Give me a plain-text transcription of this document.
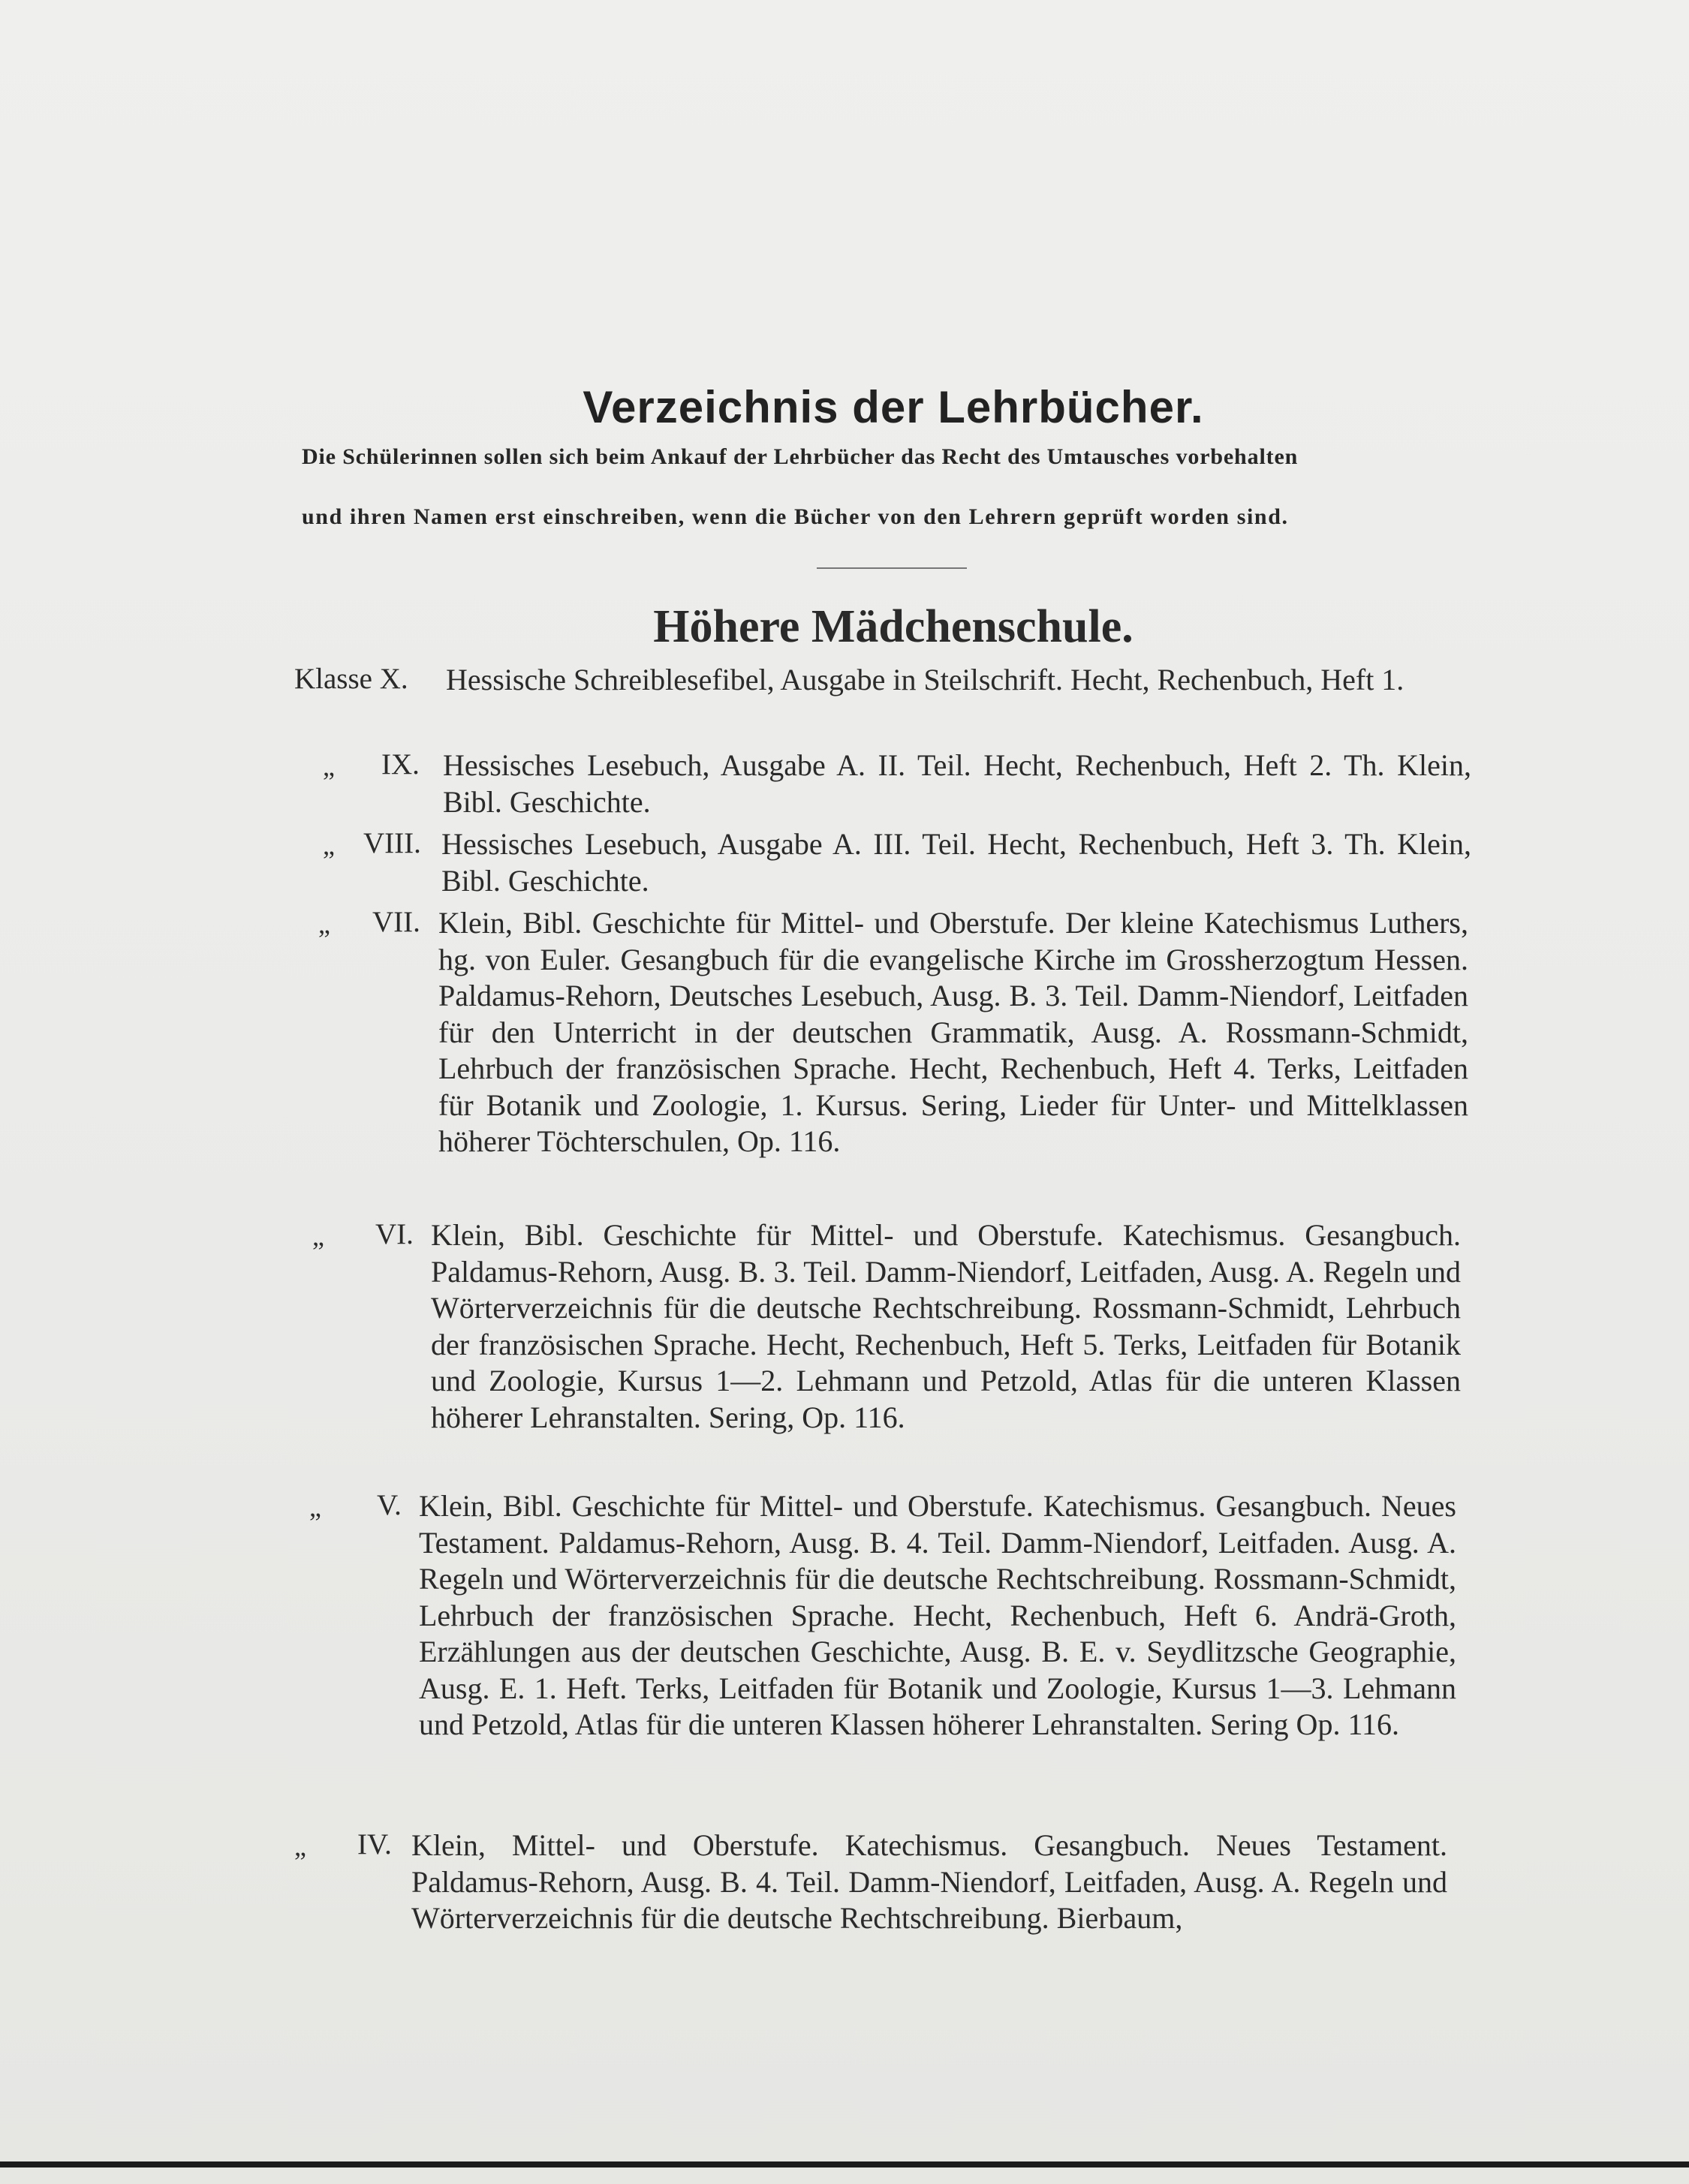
Verzeichnis der Lehrbücher.

Die Schülerinnen sollen sich beim Ankauf der Lehrbücher das Recht des Umtausches vorbehalten

und ihren Namen erst einschreiben, wenn die Bücher von den Lehrern geprüft worden sind.

Höhere Mädchenschule.
Klasse X. Hessische Schreiblesefibel, Ausgabe in Steilschrift. Hecht, Rechenbuch, Heft 1.

„ IX. Hessisches Lesebuch, Ausgabe A. II. Teil. Hecht, Rechenbuch, Heft 2. Th. Klein, Bibl. Geschichte.

„ VIII. Hessisches Lesebuch, Ausgabe A. III. Teil. Hecht, Rechenbuch, Heft 3. Th. Klein, Bibl. Geschichte.

„ VII. Klein, Bibl. Geschichte für Mittel- und Oberstufe. Der kleine Katechismus Luthers, hg. von Euler. Gesangbuch für die evangelische Kirche im Grossherzogtum Hessen. Paldamus-Rehorn, Deutsches Lesebuch, Ausg. B. 3. Teil. Damm-Niendorf, Leitfaden für den Unterricht in der deutschen Grammatik, Ausg. A. Rossmann-Schmidt, Lehrbuch der französischen Sprache. Hecht, Rechenbuch, Heft 4. Terks, Leitfaden für Botanik und Zoologie, 1. Kursus. Sering, Lieder für Unter- und Mittelklassen höherer Töchterschulen, Op. 116.

„ VI. Klein, Bibl. Geschichte für Mittel- und Oberstufe. Katechismus. Gesangbuch. Paldamus-Rehorn, Ausg. B. 3. Teil. Damm-Niendorf, Leitfaden, Ausg. A. Regeln und Wörterverzeichnis für die deutsche Rechtschreibung. Rossmann-Schmidt, Lehrbuch der französischen Sprache. Hecht, Rechenbuch, Heft 5. Terks, Leitfaden für Botanik und Zoologie, Kursus 1—2. Lehmann und Petzold, Atlas für die unteren Klassen höherer Lehranstalten. Sering, Op. 116.

„ V. Klein, Bibl. Geschichte für Mittel- und Oberstufe. Katechismus. Gesangbuch. Neues Testament. Paldamus-Rehorn, Ausg. B. 4. Teil. Damm-Niendorf, Leitfaden. Ausg. A. Regeln und Wörterverzeichnis für die deutsche Rechtschreibung. Rossmann-Schmidt, Lehrbuch der französischen Sprache. Hecht, Rechenbuch, Heft 6. Andrä-Groth, Erzählungen aus der deutschen Geschichte, Ausg. B. E. v. Seydlitzsche Geographie, Ausg. E. 1. Heft. Terks, Leitfaden für Botanik und Zoologie, Kursus 1—3. Lehmann und Petzold, Atlas für die unteren Klassen höherer Lehranstalten. Sering Op. 116.

„ IV. Klein, Mittel- und Oberstufe. Katechismus. Gesangbuch. Neues Testament. Paldamus-Rehorn, Ausg. B. 4. Teil. Damm-Niendorf, Leitfaden, Ausg. A. Regeln und Wörterverzeichnis für die deutsche Rechtschreibung. Bierbaum,
